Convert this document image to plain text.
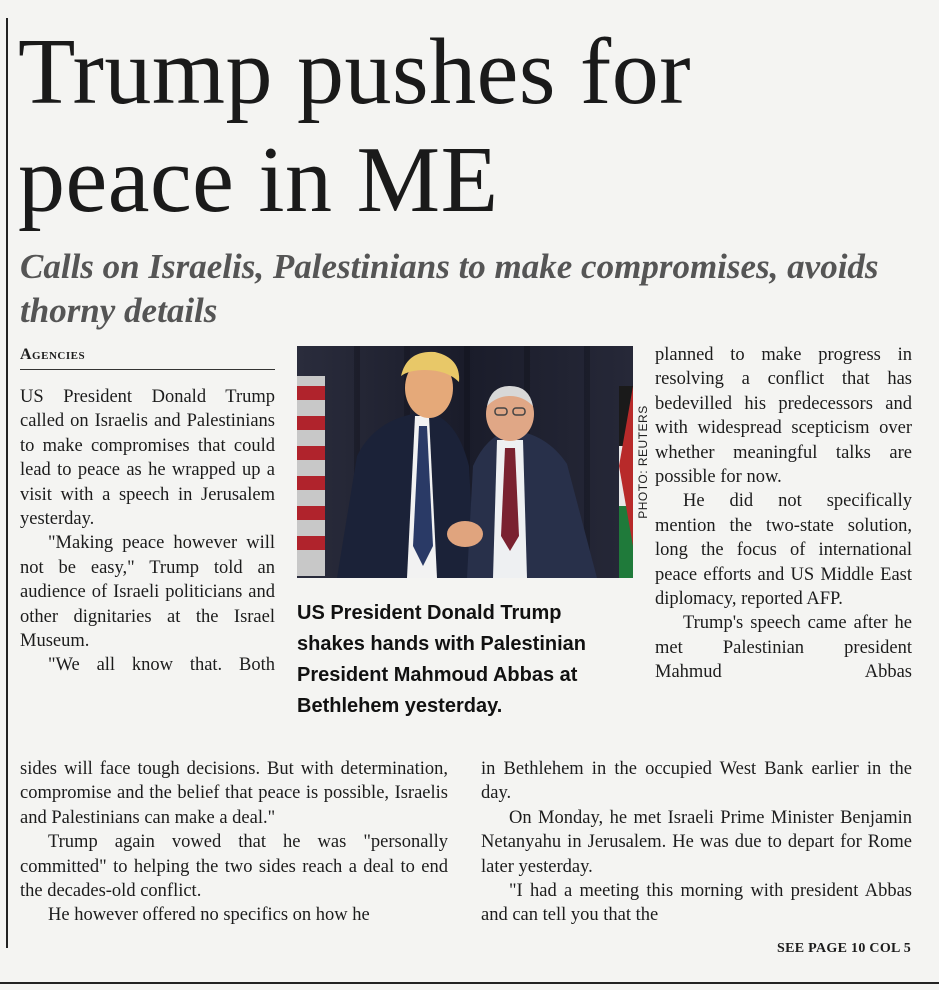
Trump pushes for peace in ME
Calls on Israelis, Palestinians to make compromises, avoids thorny details
Agencies

US President Donald Trump called on Israelis and Palestinians to make compromises that could lead to peace as he wrapped up a visit with a speech in Jerusalem yesterday.

"Making peace however will not be easy," Trump told an audience of Israeli politicians and other dignitaries at the Israel Museum.

"We all know that. Both

PHOTO: REUTERS
US President Donald Trump shakes hands with Palestinian President Mahmoud Abbas at Bethlehem yesterday.

planned to make progress in resolving a conflict that has bedevilled his predecessors and with widespread scepticism over whether meaningful talks are possible for now.

He did not specifically mention the two-state solution, long the focus of international peace efforts and US Middle East diplomacy, reported AFP.

Trump's speech came after he met Palestinian president Mahmud Abbas

sides will face tough decisions. But with determination, compromise and the belief that peace is possible, Israelis and Palestinians can make a deal."

Trump again vowed that he was "personally committed" to helping the two sides reach a deal to end the decades-old conflict.

He however offered no specifics on how he

in Bethlehem in the occupied West Bank earlier in the day.

On Monday, he met Israeli Prime Minister Benjamin Netanyahu in Jerusalem. He was due to depart for Rome later yesterday.

"I had a meeting this morning with president Abbas and can tell you that the

SEE PAGE 10 COL 5
